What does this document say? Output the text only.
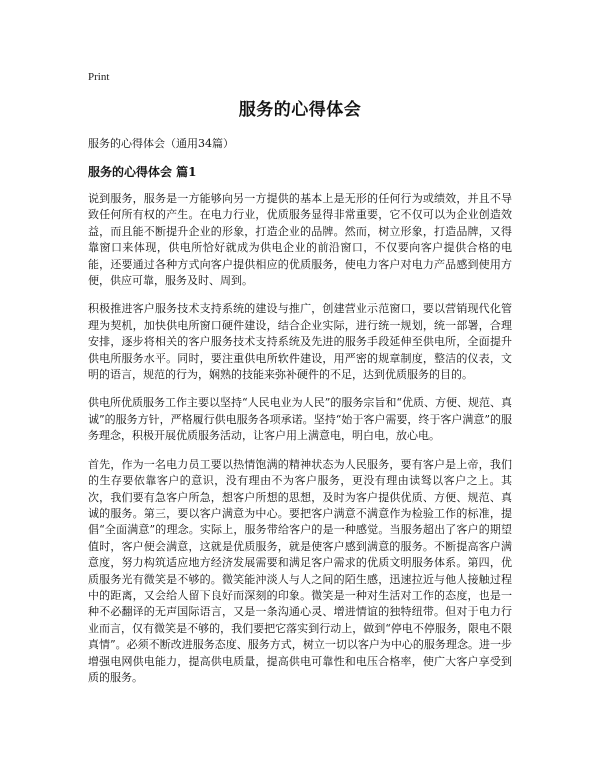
Print
服务的心得体会
服务的心得体会（通用34篇）
服务的心得体会 篇1

说到服务，服务是一方能够向另一方提供的基本上是无形的任何行为或绩效，并且不导致任何所有权的产生。在电力行业，优质服务显得非常重要，它不仅可以为企业创造效益，而且能不断提升企业的形象，打造企业的品牌。然而，树立形象，打造品牌，又得靠窗口来体现，供电所恰好就成为供电企业的前沿窗口，不仅要向客户提供合格的电能，还要通过各种方式向客户提供相应的优质服务，使电力客户对电力产品感到使用方便，供应可靠，服务及时、周到。

积极推进客户服务技术支持系统的建设与推广，创建营业示范窗口，要以营销现代化管理为契机，加快供电所窗口硬件建设，结合企业实际，进行统一规划，统一部署，合理安排，逐步将相关的客户服务技术支持系统及先进的服务手段延伸至供电所，全面提升供电所服务水平。同时，要注重供电所软件建设，用严密的规章制度，整洁的仪表，文明的语言，规范的行为，娴熟的技能来弥补硬件的不足，达到优质服务的目的。

供电所优质服务工作主要以坚持“人民电业为人民”的服务宗旨和“优质、方便、规范、真诚”的服务方针，严格履行供电服务各项承诺。坚持“始于客户需要，终于客户满意”的服务理念，积极开展优质服务活动，让客户用上满意电，明白电，放心电。

首先，作为一名电力员工要以热情饱满的精神状态为人民服务，要有客户是上帝，我们的生存要依靠客户的意识，没有理由不为客户服务，更没有理由读驽以客户之上。其次，我们要有急客户所急，想客户所想的思想，及时为客户提供优质、方便、规范、真诚的服务。第三，要以客户满意为中心。要把客户满意不满意作为检验工作的标准，提倡“全面满意”的理念。实际上，服务带给客户的是一种感觉。当服务超出了客户的期望值时，客户便会满意，这就是优质服务，就是使客户感到满意的服务。不断提高客户满意度，努力构筑适应地方经济发展需要和满足客户需求的优质文明服务体系。第四，优质服务光有微笑是不够的。微笑能沖淡人与人之间的陌生感，迅速拉近与他人接触过程中的距离，又会给人留下良好而深刻的印象。微笑是一种对生活对工作的态度，也是一种不必翻译的无声国际语言，又是一条沟通心灵、增进情谊的独特纽带。但对于电力行业而言，仅有微笑是不够的，我们要把它落实到行动上，做到“停电不停服务，限电不限真情”。必须不断改进服务态度、服务方式，树立一切以客户为中心的服务理念。进一步增强电网供电能力，提高供电质量，提高供电可靠性和电压合格率，使广大客户享受到质的服务。
